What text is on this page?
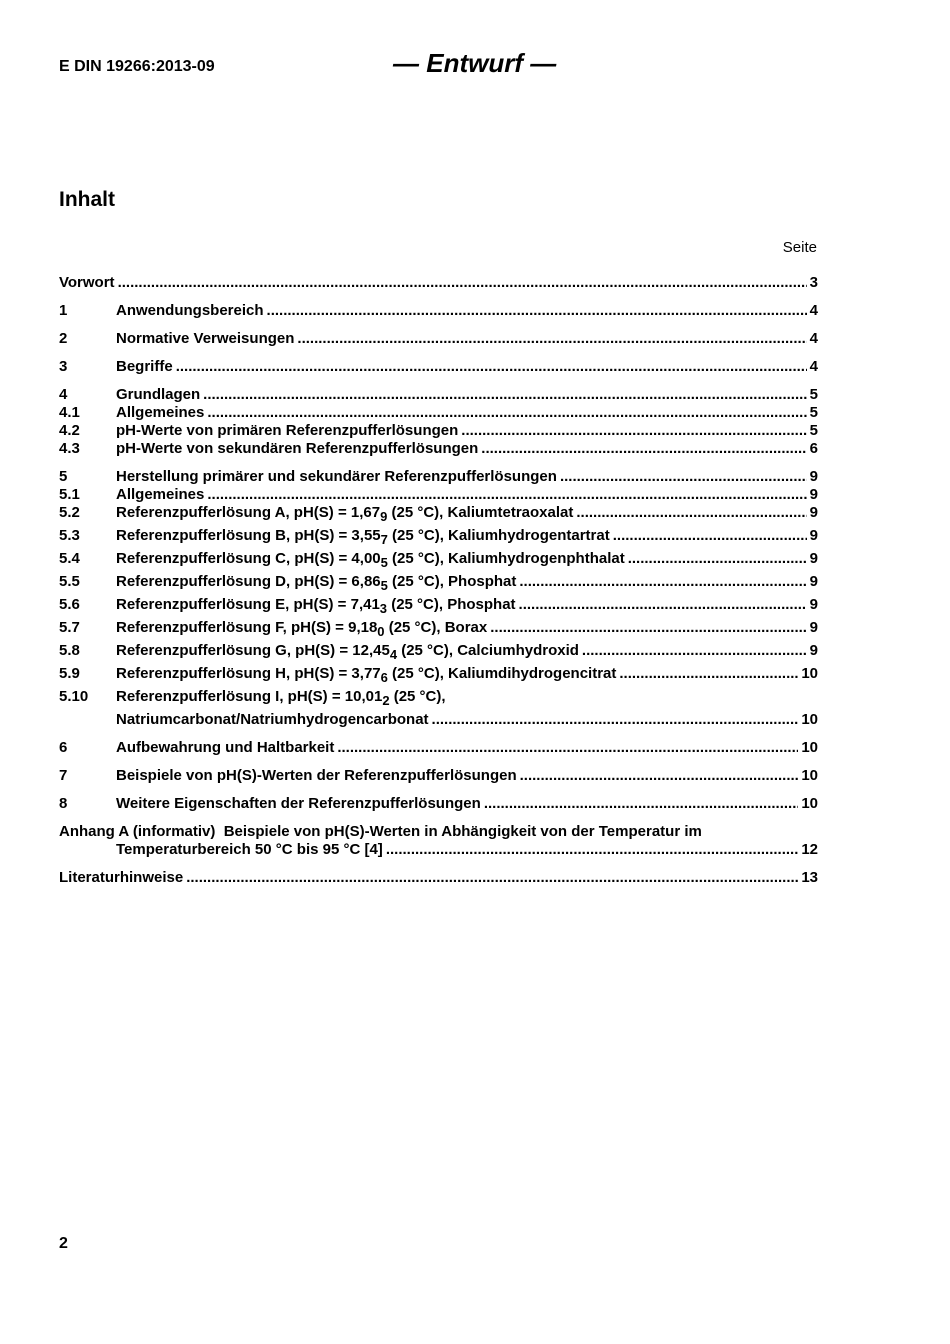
E DIN 19266:2013-09	— Entwurf —
Inhalt
Seite
Vorwort .....	3
1	Anwendungsbereich .....	4
2	Normative Verweisungen .....	4
3	Begriffe .....	4
4	Grundlagen .....	5
4.1	Allgemeines .....	5
4.2	pH-Werte von primären Referenzpufferlösungen .....	5
4.3	pH-Werte von sekundären Referenzpufferlösungen .....	6
5	Herstellung primärer und sekundärer Referenzpufferlösungen .....	9
5.1	Allgemeines .....	9
5.2	Referenzpufferlösung A, $pH(S) = 1,67_9$ (25 °C), Kaliumtetraoxalat .....	9
5.3	Referenzpufferlösung B, $pH(S) = 3,55_7$ (25 °C), Kaliumhydrogentartrat .....	9
5.4	Referenzpufferlösung C, $pH(S) = 4,00_5$ (25 °C), Kaliumhydrogenphthalat .....	9
5.5	Referenzpufferlösung D, $pH(S) = 6,86_5$ (25 °C), Phosphat .....	9
5.6	Referenzpufferlösung E, $pH(S) = 7,41_3$ (25 °C), Phosphat .....	9
5.7	Referenzpufferlösung F, $pH(S) = 9,18_0$ (25 °C), Borax .....	9
5.8	Referenzpufferlösung G, $pH(S) = 12,45_4$ (25 °C), Calciumhydroxid .....	9
5.9	Referenzpufferlösung H, $pH(S) = 3,77_6$ (25 °C), Kaliumdihydrogencitrat .....	10
5.10	Referenzpufferlösung I, $pH(S) = 10,01_2$ (25 °C),
Natriumcarbonat/Natriumhydrogencarbonat .....	10
6	Aufbewahrung und Haltbarkeit .....	10
7	Beispiele von pH(S)-Werten der Referenzpufferlösungen .....	10
8	Weitere Eigenschaften der Referenzpufferlösungen .....	10
Anhang A (informativ)  Beispiele von pH(S)-Werten in Abhängigkeit von der Temperatur im
Temperaturbereich 50 °C bis 95 °C [4] .....	12
Literaturhinweise .....	13
2
